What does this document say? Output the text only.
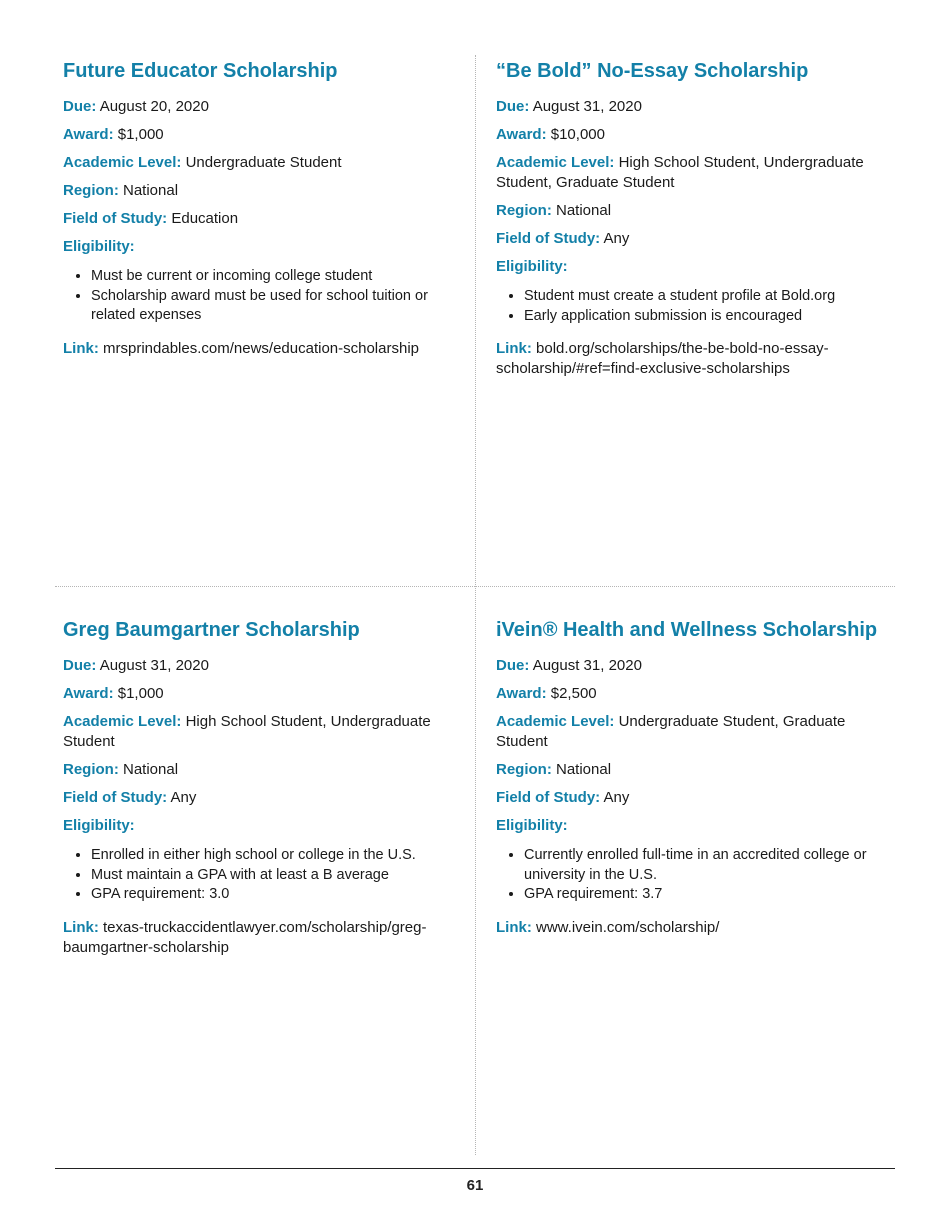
Future Educator Scholarship

Due: August 20, 2020

Award: $1,000

Academic Level: Undergraduate Student

Region: National

Field of Study: Education

Eligibility:

• Must be current or incoming college student
• Scholarship award must be used for school tuition or related expenses

Link: mrsprindables.com/news/education-scholarship

“Be Bold” No-Essay Scholarship

Due: August 31, 2020

Award: $10,000

Academic Level: High School Student, Undergraduate Student, Graduate Student

Region: National

Field of Study: Any

Eligibility:

• Student must create a student profile at Bold.org
• Early application submission is encouraged

Link: bold.org/scholarships/the-be-bold-no-essay-scholarship/#ref=find-exclusive-scholarships

Greg Baumgartner Scholarship

Due: August 31, 2020

Award: $1,000

Academic Level: High School Student, Undergraduate Student

Region: National

Field of Study: Any

Eligibility:

• Enrolled in either high school or college in the U.S.
• Must maintain a GPA with at least a B average
• GPA requirement: 3.0

Link: texas-truckaccidentlawyer.com/scholarship/greg-baumgartner-scholarship

iVein® Health and Wellness Scholarship

Due: August 31, 2020

Award: $2,500

Academic Level: Undergraduate Student, Graduate Student

Region: National

Field of Study: Any

Eligibility:

• Currently enrolled full-time in an accredited college or university in the U.S.
• GPA requirement: 3.7

Link: www.ivein.com/scholarship/

61
